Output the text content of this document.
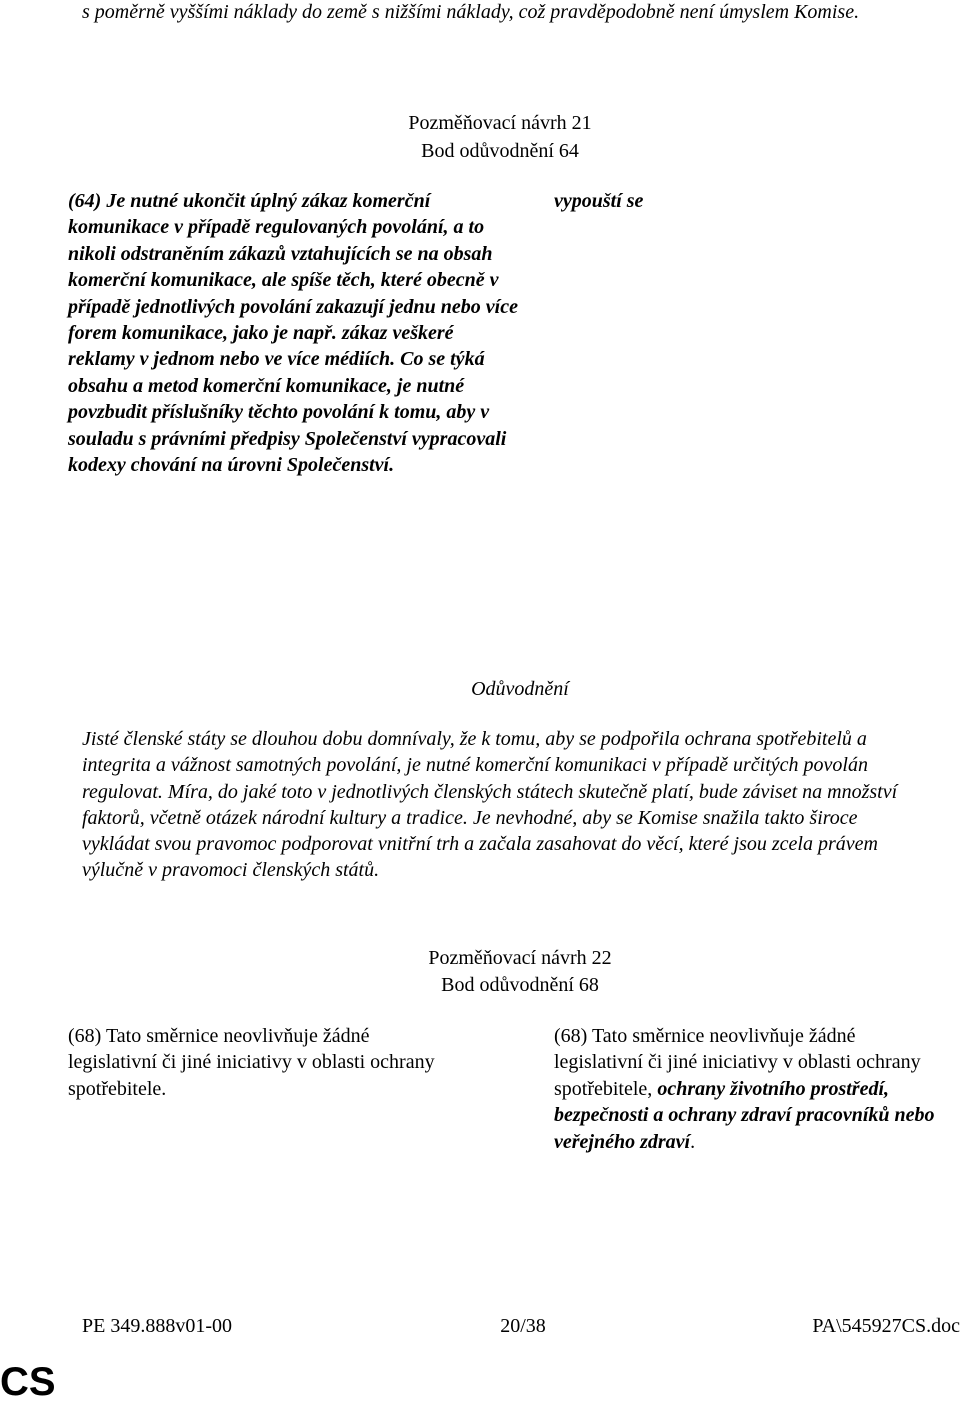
s poměrně vyššími náklady do země s nižšími náklady, což pravděpodobně není úmyslem Komise.

Pozměňovací návrh 21
Bod odůvodnění 64

(64) Je nutné ukončit úplný zákaz komerční komunikace v případě regulovaných povolání, a to nikoli odstraněním zákazů vztahujících se na obsah komerční komunikace, ale spíše těch, které obecně v případě jednotlivých povolání zakazují jednu nebo více forem komunikace, jako je např. zákaz veškeré reklamy v jednom nebo ve více médiích. Co se týká obsahu a metod komerční komunikace, je nutné povzbudit příslušníky těchto povolání k tomu, aby v souladu s právními předpisy Společenství vypracovali kodexy chování na úrovni Společenství.

vypouští se

Odůvodnění

Jisté členské státy se dlouhou dobu domnívaly, že k tomu, aby se podpořila ochrana spotřebitelů a integrita a vážnost samotných povolání, je nutné komerční komunikaci v případě určitých povolán regulovat. Míra, do jaké toto v jednotlivých členských státech skutečně platí, bude záviset na množství faktorů, včetně otázek národní kultury a tradice. Je nevhodné, aby se Komise snažila takto široce vykládat svou pravomoc podporovat vnitřní trh a začala zasahovat do věcí, které jsou zcela právem výlučně v pravomoci členských států.

Pozměňovací návrh 22
Bod odůvodnění 68

(68) Tato směrnice neovlivňuje žádné legislativní či jiné iniciativy v oblasti ochrany spotřebitele.

(68) Tato směrnice neovlivňuje žádné legislativní či jiné iniciativy v oblasti ochrany spotřebitele, ochrany životního prostředí, bezpečnosti a ochrany zdraví pracovníků nebo veřejného zdraví.

PE 349.888v01-00	20/38	PA\545927CS.doc
CS
